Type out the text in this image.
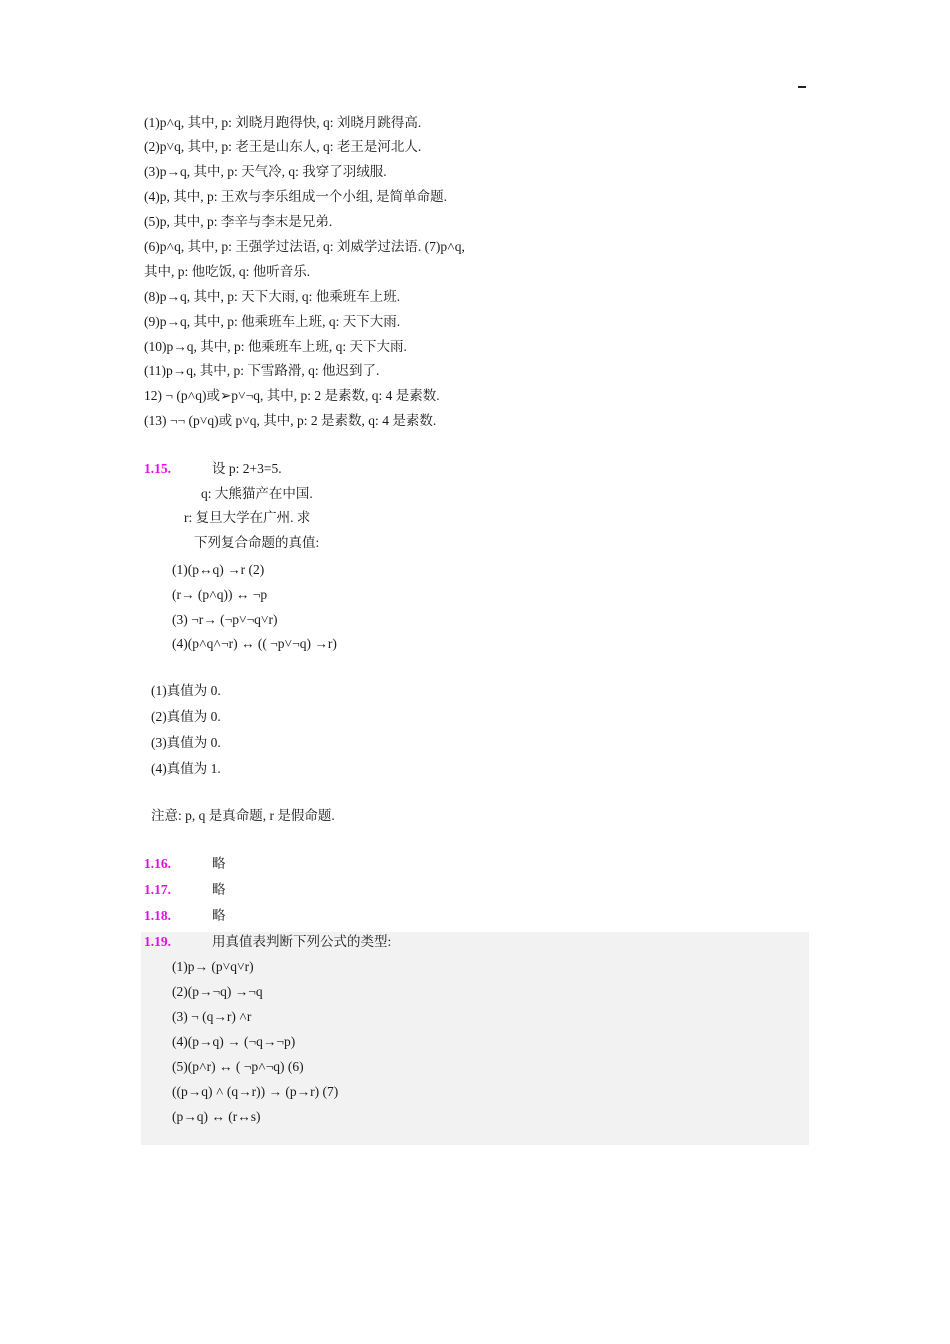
(1)p˄q, 其中, p: 刘晓月跑得快, q: 刘晓月跳得高.
(2)p˅q, 其中, p: 老王是山东人, q: 老王是河北人.
(3)p→q, 其中, p: 天气冷, q: 我穿了羽绒服.
(4)p, 其中, p: 王欢与李乐组成一个小组, 是简单命题.
(5)p, 其中, p: 李辛与李末是兄弟.
(6)p˄q, 其中, p: 王强学过法语, q: 刘威学过法语. (7)p˄q,
其中, p: 他吃饭, q: 他听音乐.
(8)p→q, 其中, p: 天下大雨, q: 他乘班车上班.
(9)p→q, 其中, p: 他乘班车上班, q: 天下大雨.
(10)p→q, 其中, p: 他乘班车上班, q: 天下大雨.
(11)p→q, 其中, p: 下雪路滑, q: 他迟到了.
12) ¬ (p˄q)或➢p˅¬q, 其中, p: 2 是素数, q: 4 是素数.
(13) ¬¬ (p˅q)或 p˅q, 其中, p: 2 是素数, q: 4 是素数.
1.15.	设 p: 2+3=5.
q: 大熊猫产在中国.
r: 复旦大学在广州. 求
下列复合命题的真值:
(1)(p↔q) →r (2)
(r→ (p˄q)) ↔ ¬p
(3) ¬r→ (¬p˅¬q˅r)
(4)(p˄q˄¬r) ↔ (( ¬p˅¬q) →r)
(1)真值为 0.
(2)真值为 0.
(3)真值为 0.
(4)真值为 1.
注意: p, q 是真命题, r 是假命题.
1.16.	略
1.17.	略
1.18.	略
1.19.	用真值表判断下列公式的类型:
(1)p→ (p˅q˅r)
(2)(p→¬q) →¬q
(3) ¬ (q→r) ˄r
(4)(p→q) → (¬q→¬p)
(5)(p˄r) ↔ ( ¬p˄¬q) (6)
((p→q) ˄ (q→r)) → (p→r) (7)
(p→q) ↔ (r↔s)
